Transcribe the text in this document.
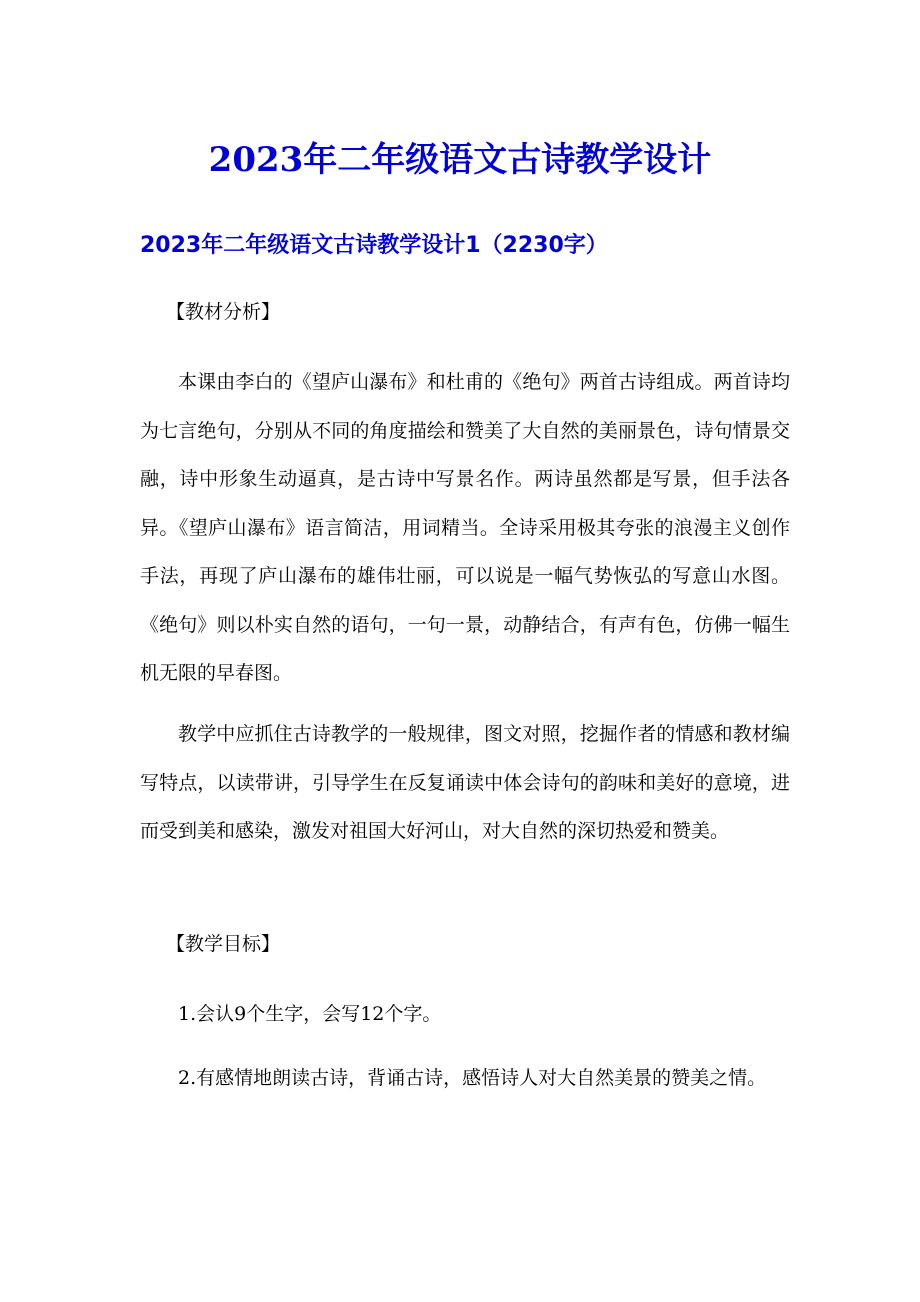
2023年二年级语文古诗教学设计
2023年二年级语文古诗教学设计1（2230字）

【教材分析】

本课由李白的《望庐山瀑布》和杜甫的《绝句》两首古诗组成。两首诗均为七言绝句，分别从不同的角度描绘和赞美了大自然的美丽景色，诗句情景交融，诗中形象生动逼真，是古诗中写景名作。两诗虽然都是写景，但手法各异。《望庐山瀑布》语言简洁，用词精当。全诗采用极其夸张的浪漫主义创作手法，再现了庐山瀑布的雄伟壮丽，可以说是一幅气势恢弘的写意山水图。《绝句》则以朴实自然的语句，一句一景，动静结合，有声有色，仿佛一幅生机无限的早春图。

教学中应抓住古诗教学的一般规律，图文对照，挖掘作者的情感和教材编写特点，以读带讲，引导学生在反复诵读中体会诗句的韵味和美好的意境，进而受到美和感染，激发对祖国大好河山，对大自然的深切热爱和赞美。

【教学目标】

1.会认9个生字，会写12个字。

2.有感情地朗读古诗，背诵古诗，感悟诗人对大自然美景的赞美之情。
